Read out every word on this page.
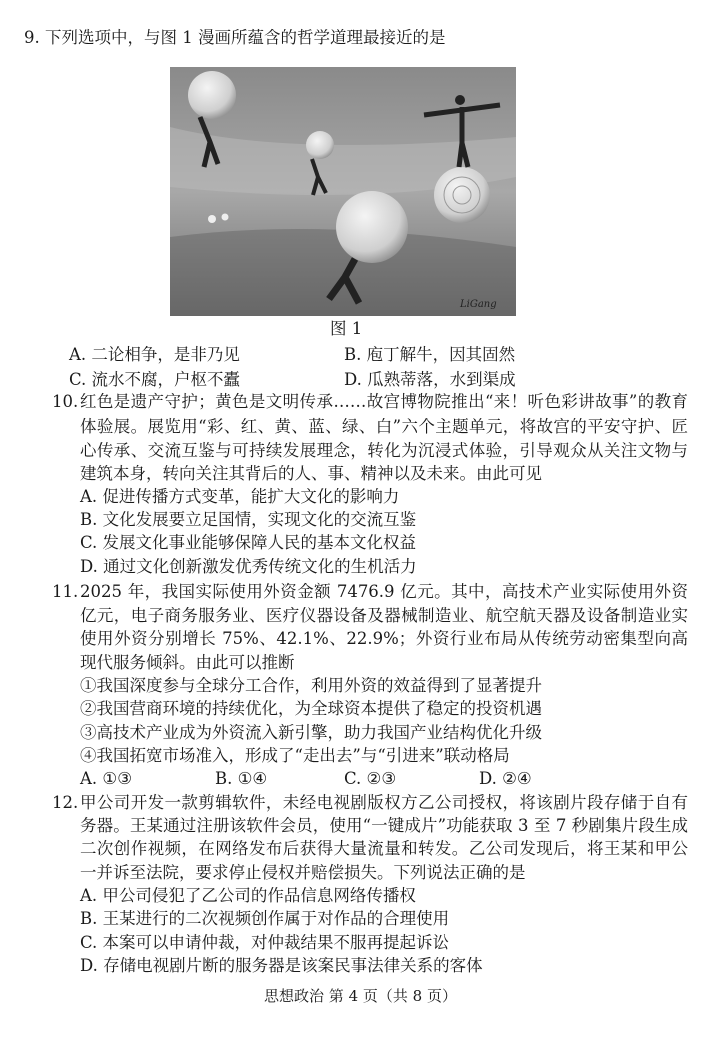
9. 下列选项中，与图 1 漫画所蕴含的哲学道理最接近的是
LiGang
图 1
A. 二论相争，是非乃见	B. 庖丁解牛，因其固然
C. 流水不腐，户枢不蠹	D. 瓜熟蒂落，水到渠成
10. 红色是遗产守护；黄色是文明传承……故宫博物院推出“来！听色彩讲故事”的教育
体验展。展览用“彩、红、黄、蓝、绿、白”六个主题单元，将故宫的平安守护、匠
心传承、交流互鉴与可持续发展理念，转化为沉浸式体验，引导观众从关注文物与
建筑本身，转向关注其背后的人、事、精神以及未来。由此可见
A. 促进传播方式变革，能扩大文化的影响力
B. 文化发展要立足国情，实现文化的交流互鉴
C. 发展文化事业能够保障人民的基本文化权益
D. 通过文化创新激发优秀传统文化的生机活力
11. 2025 年，我国实际使用外资金额 7476.9 亿元。其中，高技术产业实际使用外资
亿元，电子商务服务业、医疗仪器设备及器械制造业、航空航天器及设备制造业实
使用外资分别增长 75%、42.1%、22.9%；外资行业布局从传统劳动密集型向高
现代服务倾斜。由此可以推断
①我国深度参与全球分工合作，利用外资的效益得到了显著提升
②我国营商环境的持续优化，为全球资本提供了稳定的投资机遇
③高技术产业成为外资流入新引擎，助力我国产业结构优化升级
④我国拓宽市场准入，形成了“走出去”与“引进来”联动格局
A. ①③	B. ①④	C. ②③	D. ②④
12. 甲公司开发一款剪辑软件，未经电视剧版权方乙公司授权，将该剧片段存储于自有
务器。王某通过注册该软件会员，使用“一键成片”功能获取 3 至 7 秒剧集片段生成
二次创作视频，在网络发布后获得大量流量和转发。乙公司发现后，将王某和甲公
一并诉至法院，要求停止侵权并赔偿损失。下列说法正确的是
A. 甲公司侵犯了乙公司的作品信息网络传播权
B. 王某进行的二次视频创作属于对作品的合理使用
C. 本案可以申请仲裁，对仲裁结果不服再提起诉讼
D. 存储电视剧片断的服务器是该案民事法律关系的客体
思想政治 第 4 页（共 8 页）
